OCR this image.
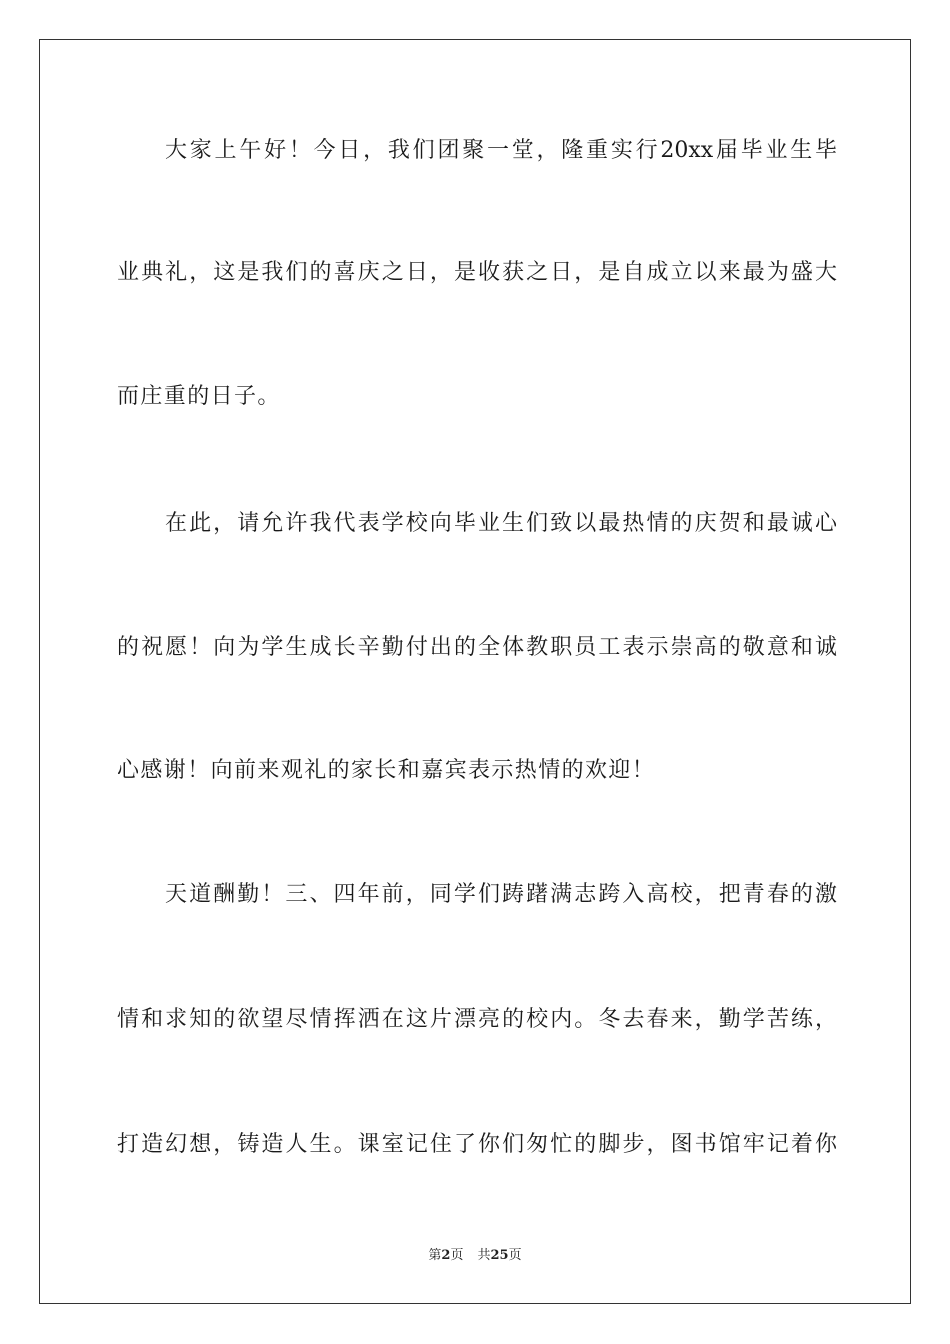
大家上午好！今日，我们团聚一堂，隆重实行20xx届毕业生毕
业典礼，这是我们的喜庆之日，是收获之日，是自成立以来最为盛大
而庄重的日子。
在此，请允许我代表学校向毕业生们致以最热情的庆贺和最诚心
的祝愿！向为学生成长辛勤付出的全体教职员工表示崇高的敬意和诚
心感谢！向前来观礼的家长和嘉宾表示热情的欢迎！
天道酬勤！三、四年前，同学们踌躇满志跨入高校，把青春的激
情和求知的欲望尽情挥洒在这片漂亮的校内。冬去春来，勤学苦练，
打造幻想，铸造人生。课室记住了你们匆忙的脚步，图书馆牢记着你
第2页 共25页
